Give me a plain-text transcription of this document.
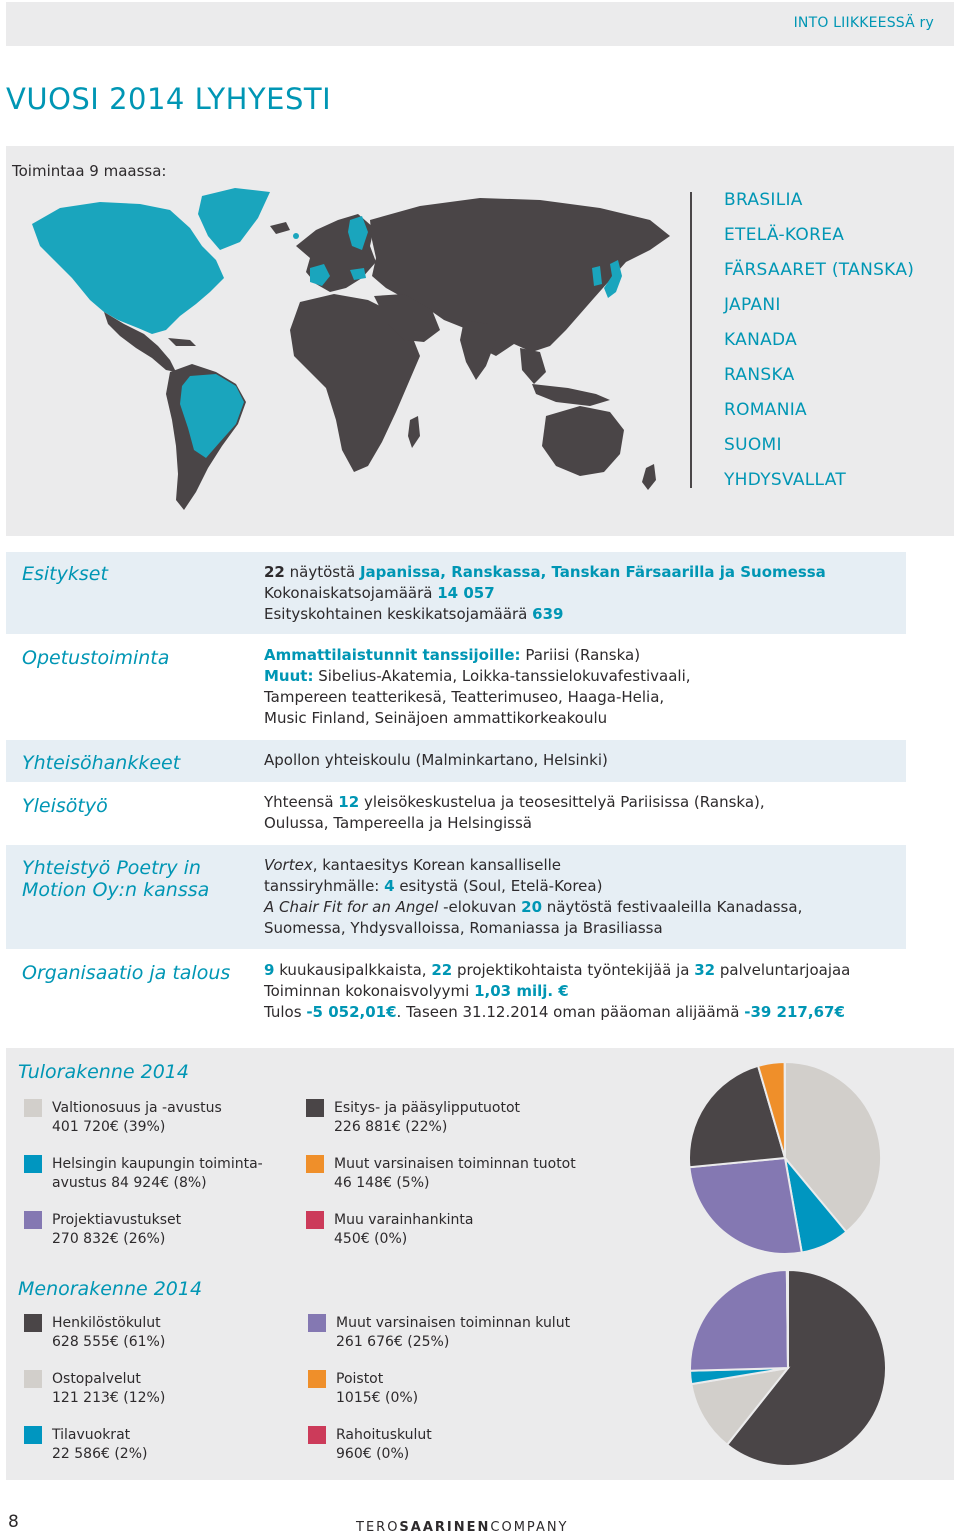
INTO LIIKKEESSÄ ry
VUOSI 2014 LYHYESTI
Toimintaa 9 maassa:
BRASILIA
ETELÄ-KOREA
FÄRSAARET (TANSKA)
JAPANI
KANADA
RANSKA
ROMANIA
SUOMI
YHDYSVALLAT
Esitykset	22 näytöstä Japanissa, Ranskassa, Tanskan Färsaarilla ja Suomessa
Kokonaiskatsojamäärä 14 057
Esityskohtainen keskikatsojamäärä 639
Opetustoiminta	Ammattilaistunnit tanssijoille: Pariisi (Ranska)
Muut: Sibelius-Akatemia, Loikka-tanssielokuvafestivaali,
Tampereen teatterikesä, Teatterimuseo, Haaga-Helia,
Music Finland, Seinäjoen ammattikorkeakoulu
Yhteisöhankkeet	Apollon yhteiskoulu (Malminkartano, Helsinki)
Yleisötyö	Yhteensä 12 yleisökeskustelua ja teosesittelyä Pariisissa (Ranska),
Oulussa, Tampereella ja Helsingissä
Yhteistyö Poetry in Motion Oy:n kanssa
Vortex, kantaesitys Korean kansalliselle
tanssiryhmälle: 4 esitystä (Soul, Etelä-Korea)
A Chair Fit for an Angel -elokuvan 20 näytöstä festivaaleilla Kanadassa,
Suomessa, Yhdysvalloissa, Romaniassa ja Brasiliassa
Organisaatio ja talous 9 kuukausipalkkaista, 22 projektikohtaista työntekijää ja 32 palveluntarjoajaa
Toiminnan kokonaisvolyymi 1,03 milj. €
Tulos -5 052,01€. Taseen 31.12.2014 oman pääoman alijäämä -39 217,67€
Tulorakenne 2014
Valtionosuus ja -avustus
401 720€ (39%)
Helsingin kaupungin toiminta-
avustus 84 924€ (8%)
Projektiavustukset
270 832€ (26%)
Esitys- ja pääsylipputuotot
226 881€ (22%)
Muut varsinaisen toiminnan tuotot
46 148€ (5%)
Muu varainhankinta
450€ (0%)
Menorakenne 2014
Henkilöstökulut
628 555€ (61%)
Ostopalvelut
121 213€ (12%)
Tilavuokrat
22 586€ (2%)
Muut varsinaisen toiminnan kulut
261 676€ (25%)
Poistot
1015€ (0%)
Rahoituskulut
960€ (0%)
8	TEROSAARINENCOMPANY
